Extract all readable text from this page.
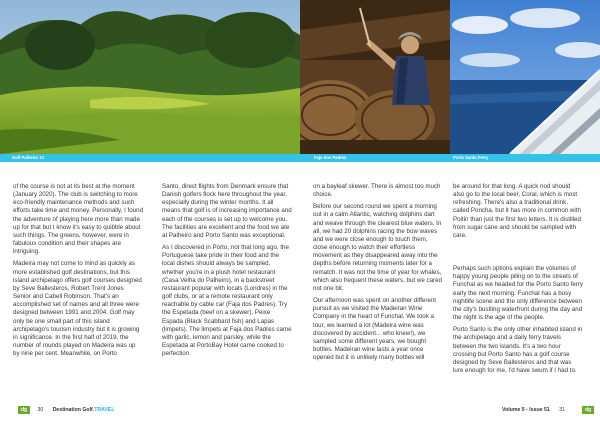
Golf Palheiro 13	Fajo dos Padres	Porto Santo Ferry

of the course is not at its best at the moment (January 2020). The club is switching to more eco-friendly maintenance methods and such efforts take time and money. Personally, I found the adventure of playing here more than made up for that but I know it's easy to quibble about such things. The greens, however, were in fabulous condition and their shapes are intriguing.

Madeira may not come to mind as quickly as more established golf destinations, but this island archipelago offers golf courses designed by Seve Ballesteros, Robert Trent Jones Senior and Cabell Robinson. That's an accomplished set of names and all three were designed between 1991 and 2004. Golf may only be one small part of this island archipelago's tourism industry but it is growing in significance. In the first half of 2019, the number of rounds played on Madeira was up by nine per cent. Meanwhile, on Porto

Santo, direct flights from Denmark ensure that Danish golfers flock here throughout the year, especially during the winter months. It all means that golf is of increasing importance and each of the courses is set up to welcome you. The facilities are excellent and the food we ate at Palheiro and Porto Santo was exceptional.

As I discovered in Porto, not that long ago, the Portuguese take pride in their food and the local dishes should always be sampled, whether you're in a plush hotel restaurant (Casa Velha do Palheiro), in a backstreet restaurant popular with locals (Londres) in the golf clubs, or at a remote restaurant only reachable by cable car (Faja dos Padres). Try the Espetada (beef on a skewer), Peixe Espada (Black Scabbard fish) and Lapas (limpets). The limpets at Faja dos Padres came with garlic, lemon and parsley, while the Espetada at PortoBay Hotel came cooked to perfection

on a bayleaf skewer. There is almost too much choice.

Before our second round we spent a morning out in a calm Atlantic, watching dolphins dart and weave through the clearest blue waters. In all, we had 20 dolphins racing the bow waves and we were close enough to touch them, close enough to watch their effortless movement as they disappeared away into the depths before returning moments later for a rematch. It was not the time of year for whales, which also frequent these waters, but we cared not one bit.

Our afternoon was spent on another different pursuit as we visited the Madeiran Wine Company in the heart of Funchal. We took a tour, we learned a lot (Madeira wine was discovered by accident... who knew!), we sampled some different years, we bought bottles. Madeiran wine lasts a year once opened but it is unlikely many bottles will

be around for that long. A quick nod should also go to the local beer, Coral, which is most refreshing. There's also a traditional drink, called Poncha, but it has more in common with Poitin than just the first two letters. It is distilled from sugar cane and should be sampled with care.

Perhaps such options explain the volumes of happy young people piling on to the streets of Funchal as we headed for the Porto Santo ferry early the next morning. Funchal has a busy nightlife scene and the only difference between the city's bustling waterfront during the day and the night is the age of the people.

Porto Santo is the only other inhabited island in the archipelago and a daily ferry travels between the two islands. It's a two hour crossing but Porto Santo has a golf course designed by Seve Ballesteros and that was lure enough for me. I'd have swum if I had to.

dg 30 Destination Golf.TRAVEL	Volume 5 - Issue 51 31	dg
